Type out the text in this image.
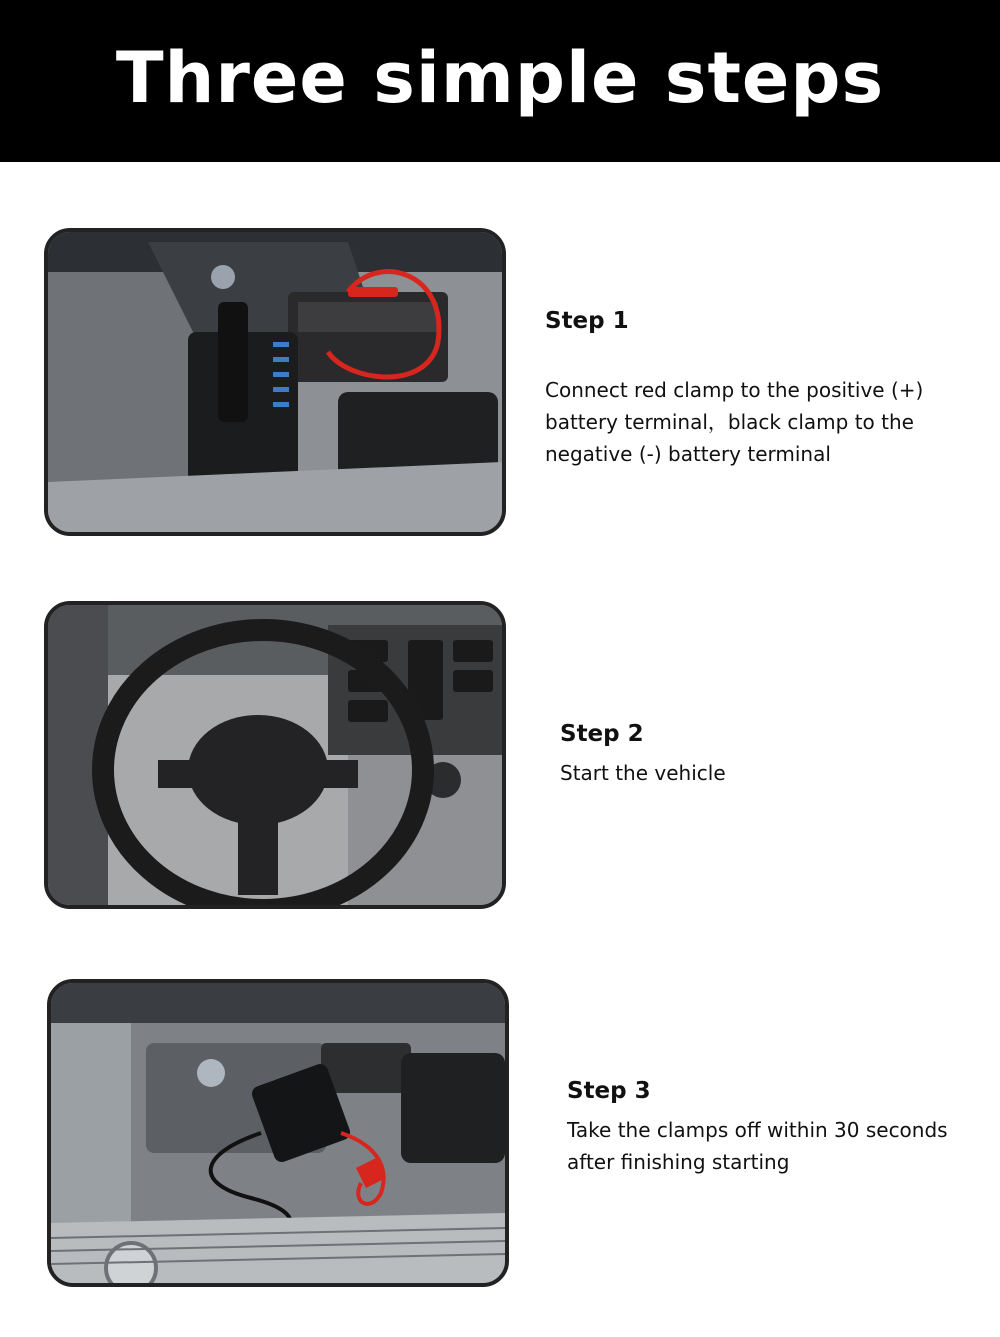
Three simple steps
Step 1
Connect red clamp to the positive (+) battery terminal，black clamp to the negative (-) battery terminal
Step 2
Start the vehicle
Step 3
Take the clamps off within 30 seconds after finishing starting
